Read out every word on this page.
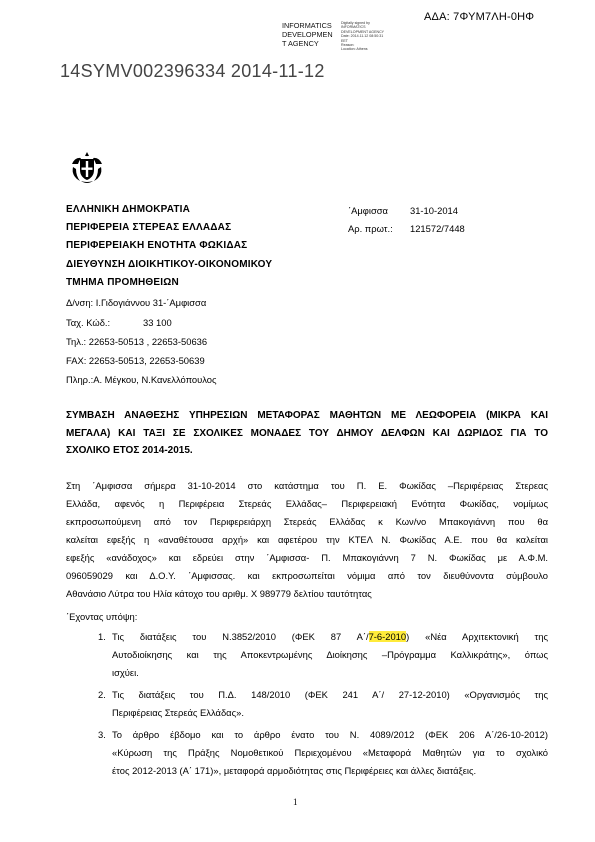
ΑΔΑ: 7ΦΥΜ7ΛΗ-0ΗΦ
INFORMATICS
DEVELOPMEN
T AGENCY
Digitally signed by
INFORMATICS
DEVELOPMENT AGENCY
Date: 2014.11.12 08:50:31
EET
Reason:
Location: Athens
14SYMV002396334 2014-11-12
ΕΛΛΗΝΙΚΗ ΔΗΜΟΚΡΑΤΙΑ
ΠΕΡΙΦΕΡΕΙΑ ΣΤΕΡΕΑΣ ΕΛΛΑΔΑΣ
ΠΕΡΙΦΕΡΕΙΑΚΗ ΕΝΟΤΗΤΑ ΦΩΚΙΔΑΣ
ΔΙΕΥΘΥΝΣΗ ΔΙΟΙΚΗΤΙΚΟΥ-ΟΙΚΟΝΟΜΙΚΟΥ
ΤΜΗΜΑ ΠΡΟΜΗΘΕΙΩΝ
΄Αμφισσα 31-10-2014
Αρ. πρωτ.: 121572/7448
Δ/νση: Ι.Γιδογιάννου 31-΄Αμφισσα
Ταχ. Κώδ.:	33 100
Τηλ.: 22653-50513 , 22653-50636
FAX: 22653-50513, 22653-50639
Πληρ.:Α. Μέγκου, Ν.Κανελλόπουλος
ΣΥΜΒΑΣΗ ΑΝΑΘΕΣΗΣ ΥΠΗΡΕΣΙΩΝ ΜΕΤΑΦΟΡΑΣ ΜΑΘΗΤΩΝ ΜΕ ΛΕΩΦΟΡΕΙΑ (ΜΙΚΡΑ ΚΑΙ
ΜΕΓΑΛΑ) ΚΑΙ ΤΑΞΙ ΣΕ ΣΧΟΛΙΚΕΣ ΜΟΝΑΔΕΣ ΤΟΥ ΔΗΜΟΥ ΔΕΛΦΩΝ ΚΑΙ ΔΩΡΙΔΟΣ ΓΙΑ ΤΟ
ΣΧΟΛΙΚΟ ΕΤΟΣ 2014-2015.
Στη ΄Αμφισσα σήμερα 31-10-2014 στο κατάστημα του Π. Ε. Φωκίδας –Περιφέρειας Στερεας
Ελλάδα, αφενός η Περιφέρεια Στερεάς Ελλάδας– Περιφερειακή Ενότητα Φωκίδας, νομίμως
εκπροσωπούμενη από τον Περιφερειάρχη Στερεάς Ελλάδας κ Κων/νο Μπακογιάννη που θα
καλείται εφεξής η «αναθέτουσα αρχή» και αφετέρου την ΚΤΕΛ Ν. Φωκίδας Α.Ε. που θα καλείται
εφεξής «ανάδοχος» και εδρεύει στην ΄Αμφισσα- Π. Μπακογιάννη 7 Ν. Φωκίδας με Α.Φ.Μ.
096059029 και Δ.Ο.Υ. ΄Αμφισσας. και εκπροσωπείται νόμιμα από τον διευθύνοντα σύμβουλο
Αθανάσιο Λύτρα του Ηλία κάτοχο του αριθμ. Χ 989779 δελτίου ταυτότητας
΄Εχοντας υπόψη:
1. Τις διατάξεις του Ν.3852/2010 (ΦΕΚ 87 Α΄/7-6-2010) «Νέα Αρχιτεκτονική της
Αυτοδιοίκησης και της Αποκεντρωμένης Διοίκησης –Πρόγραμμα Καλλικράτης», όπως
ισχύει.
2. Τις διατάξεις του Π.Δ. 148/2010 (ΦΕΚ 241 Α΄/ 27-12-2010) «Οργανισμός της
Περιφέρειας Στερεάς Ελλάδας».
3. Το άρθρο έβδομο και το άρθρο ένατο του Ν. 4089/2012 (ΦΕΚ 206 Α΄/26-10-2012)
«Κύρωση της Πράξης Νομοθετικού Περιεχομένου «Μεταφορά Μαθητών για το σχολικό
έτος 2012-2013 (Α΄ 171)», μεταφορά αρμοδιότητας στις Περιφέρειες και άλλες διατάξεις.
1
